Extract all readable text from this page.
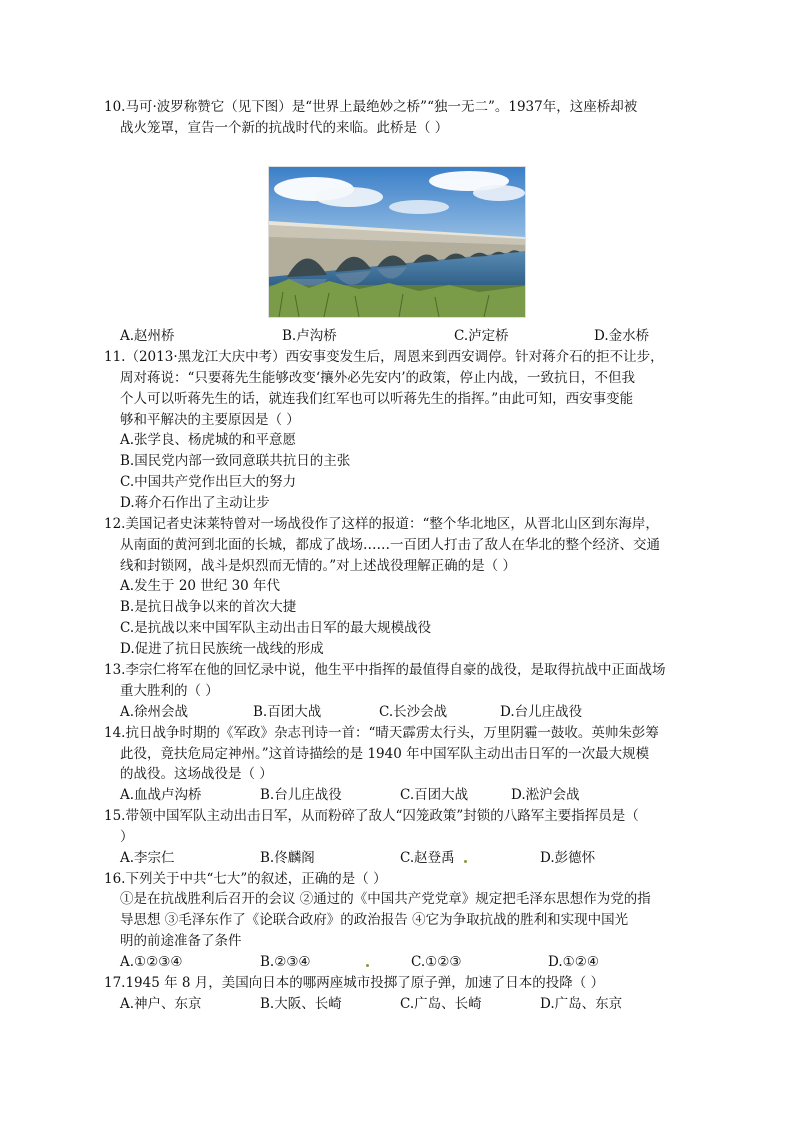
10.马可·波罗称赞它（见下图）是“世界上最绝妙之桥”“独一无二”。1937年，这座桥却被
战火笼罩，宣告一个新的抗战时代的来临。此桥是（ ）
A.赵州桥	B.卢沟桥	C.泸定桥	D.金水桥
11.（2013·黑龙江大庆中考）西安事变发生后，周恩来到西安调停。针对蒋介石的拒不让步，
周对蒋说：“只要蒋先生能够改变‘攘外必先安内’的政策，停止内战，一致抗日，不但我
个人可以听蒋先生的话，就连我们红军也可以听蒋先生的指挥。”由此可知，西安事变能
够和平解决的主要原因是（ ）
A.张学良、杨虎城的和平意愿
B.国民党内部一致同意联共抗日的主张
C.中国共产党作出巨大的努力
D.蒋介石作出了主动让步
12.美国记者史沫莱特曾对一场战役作了这样的报道：“整个华北地区，从晋北山区到东海岸，
从南面的黄河到北面的长城，都成了战场……一百团人打击了敌人在华北的整个经济、交通
线和封锁网，战斗是炽烈而无情的。”对上述战役理解正确的是（ ）
A.发生于 20 世纪 30 年代
B.是抗日战争以来的首次大捷
C.是抗战以来中国军队主动出击日军的最大规模战役
D.促进了抗日民族统一战线的形成
13.李宗仁将军在他的回忆录中说，他生平中指挥的最值得自豪的战役，是取得抗战中正面战场
重大胜利的（ ）
A.徐州会战	B.百团大战	C.长沙会战	D.台儿庄战役
14.抗日战争时期的《军政》杂志刊诗一首：“晴天霹雳太行头，万里阴霾一鼓收。英帅朱彭筹
此役，竟扶危局定神州。”这首诗描绘的是 1940 年中国军队主动出击日军的一次最大规模
的战役。这场战役是（ ）
A.血战卢沟桥	B.台儿庄战役	C.百团大战	D.淞沪会战
15.带领中国军队主动出击日军，从而粉碎了敌人“囚笼政策”封锁的八路军主要指挥员是（
）
A.李宗仁	B.佟麟阁	C.赵登禹	D.彭德怀
16.下列关于中共“七大”的叙述，正确的是（ ）
①是在抗战胜利后召开的会议 ②通过的《中国共产党党章》规定把毛泽东思想作为党的指
导思想 ③毛泽东作了《论联合政府》的政治报告 ④它为争取抗战的胜利和实现中国光
明的前途准备了条件
A.①②③④	B.②③④	C.①②③	D.①②④
17.1945 年 8 月，美国向日本的哪两座城市投掷了原子弹，加速了日本的投降（ ）
A.神户、东京	B.大阪、长崎	C.广岛、长崎	D.广岛、东京
